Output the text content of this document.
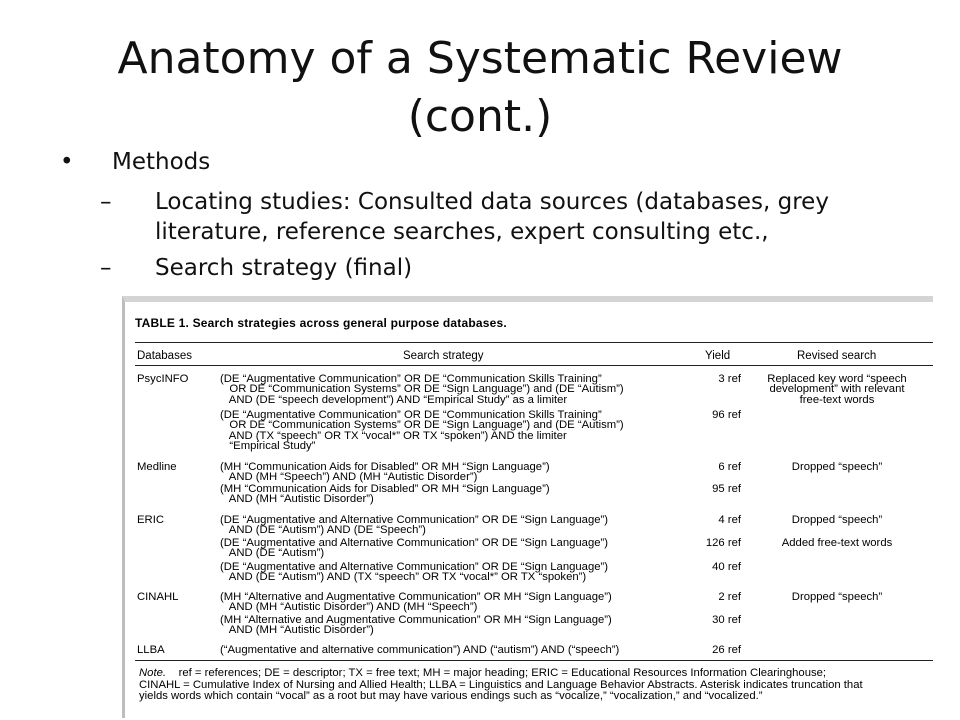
Anatomy of a Systematic Review
(cont.)
• Methods
– Locating studies: Consulted data sources (databases, grey literature, reference searches, expert consulting etc.,
– Search strategy (final)
TABLE 1. Search strategies across general purpose databases.
Databases	Search strategy	Yield	Revised search
PsycINFO	(DE “Augmentative Communication” OR DE “Communication Skills Training”
OR DE “Communication Systems” OR DE “Sign Language”) and (DE “Autism”)
AND (DE “speech development”) AND “Empirical Study” as a limiter
3 ref	Replaced key word “speech
development” with relevant
free-text words
(DE “Augmentative Communication” OR DE “Communication Skills Training”
OR DE “Communication Systems” OR DE “Sign Language”) and (DE “Autism”)
AND (TX “speech” OR TX “vocal*” OR TX “spoken”) AND the limiter
“Empirical Study”
96 ref
Medline	(MH “Communication Aids for Disabled” OR MH “Sign Language”)
AND (MH “Speech”) AND (MH “Autistic Disorder”)
6 ref	Dropped “speech”
(MH “Communication Aids for Disabled” OR MH “Sign Language”)
AND (MH “Autistic Disorder”)
95 ref
ERIC	(DE “Augmentative and Alternative Communication” OR DE “Sign Language”)
AND (DE “Autism”) AND (DE “Speech”)
4 ref	Dropped “speech”
(DE “Augmentative and Alternative Communication” OR DE “Sign Language”)
AND (DE “Autism”)
126 ref	Added free-text words
(DE “Augmentative and Alternative Communication” OR DE “Sign Language”)
AND (DE “Autism”) AND (TX “speech” OR TX “vocal*” OR TX “spoken”)
40 ref
CINAHL	(MH “Alternative and Augmentative Communication” OR MH “Sign Language”)
AND (MH “Autistic Disorder”) AND (MH “Speech”)
2 ref	Dropped “speech”
(MH “Alternative and Augmentative Communication” OR MH “Sign Language”)
AND (MH “Autistic Disorder”)
30 ref
LLBA	(“Augmentative and alternative communication”) AND (“autism”) AND (“speech”)	26 ref
Note.    ref = references; DE = descriptor; TX = free text; MH = major heading; ERIC = Educational Resources Information Clearinghouse;
CINAHL = Cumulative Index of Nursing and Allied Health; LLBA = Linguistics and Language Behavior Abstracts. Asterisk indicates truncation that
yields words which contain “vocal” as a root but may have various endings such as “vocalize,” “vocalization,” and “vocalized.”
